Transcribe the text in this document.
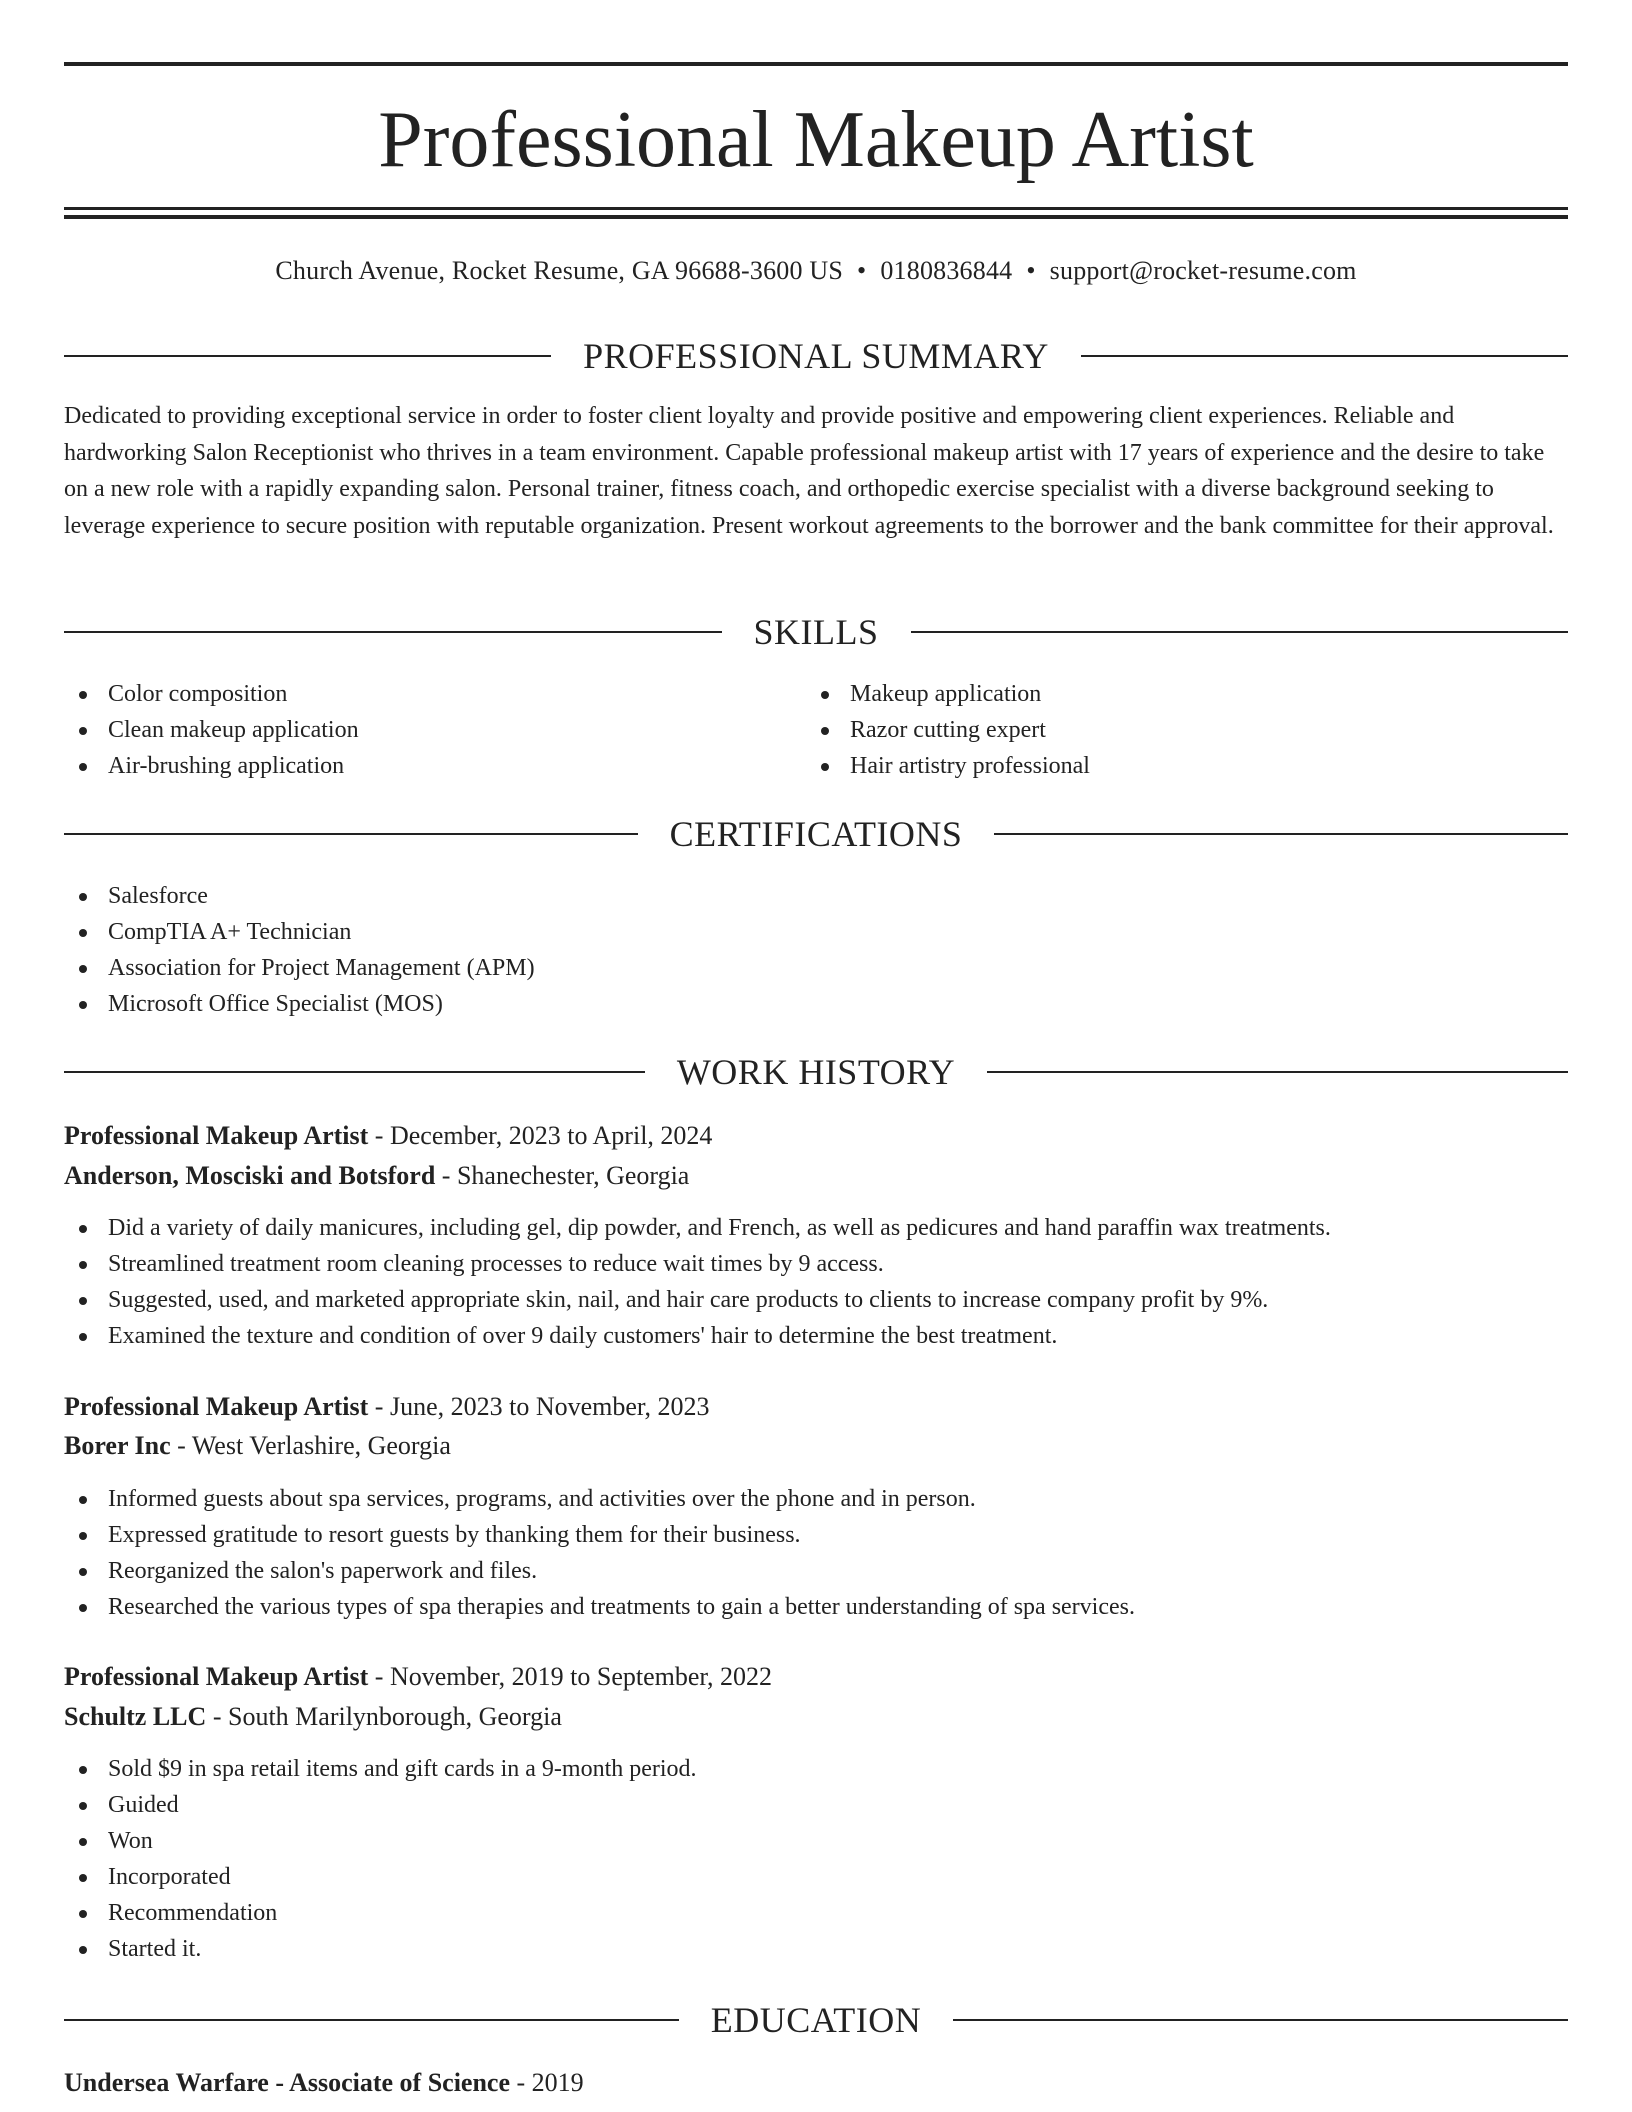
Professional Makeup Artist
Church Avenue, Rocket Resume, GA 96688-3600 US • 0180836844 • support@rocket-resume.com
PROFESSIONAL SUMMARY

Dedicated to providing exceptional service in order to foster client loyalty and provide positive and empowering client experiences. Reliable and hardworking Salon Receptionist who thrives in a team environment. Capable professional makeup artist with 17 years of experience and the desire to take on a new role with a rapidly expanding salon. Personal trainer, fitness coach, and orthopedic exercise specialist with a diverse background seeking to leverage experience to secure position with reputable organization. Present workout agreements to the borrower and the bank committee for their approval.

SKILLS
Color composition
Clean makeup application
Air-brushing application
Makeup application
Razor cutting expert
Hair artistry professional
CERTIFICATIONS
Salesforce
CompTIA A+ Technician
Association for Project Management (APM)
Microsoft Office Specialist (MOS)
WORK HISTORY
Professional Makeup Artist - December, 2023 to April, 2024
Anderson, Mosciski and Botsford - Shanechester, Georgia
Did a variety of daily manicures, including gel, dip powder, and French, as well as pedicures and hand paraffin wax treatments.
Streamlined treatment room cleaning processes to reduce wait times by 9 access.
Suggested, used, and marketed appropriate skin, nail, and hair care products to clients to increase company profit by 9%.
Examined the texture and condition of over 9 daily customers' hair to determine the best treatment.
Professional Makeup Artist - June, 2023 to November, 2023
Borer Inc - West Verlashire, Georgia
Informed guests about spa services, programs, and activities over the phone and in person.
Expressed gratitude to resort guests by thanking them for their business.
Reorganized the salon's paperwork and files.
Researched the various types of spa therapies and treatments to gain a better understanding of spa services.
Professional Makeup Artist - November, 2019 to September, 2022
Schultz LLC - South Marilynborough, Georgia
Sold $9 in spa retail items and gift cards in a 9-month period.
Guided
Won
Incorporated
Recommendation
Started it.
EDUCATION
Undersea Warfare - Associate of Science - 2019
